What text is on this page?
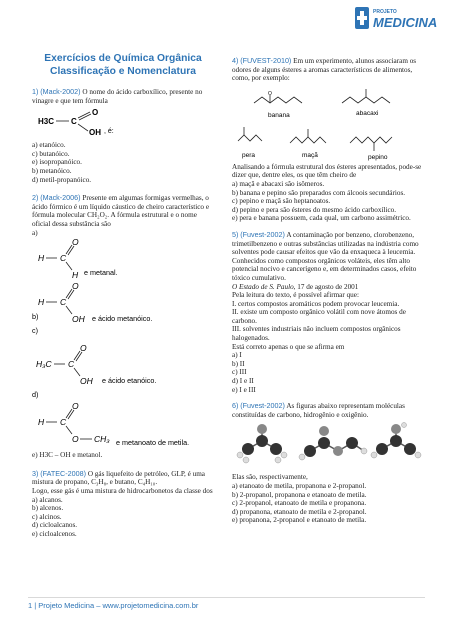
PROJETO
MEDICINA
Exercícios de Química Orgânica
Classificação e Nomenclatura

1) (Mack-2002) O nome do ácido carboxílico, presente no vinagre e que tem fórmula

H3C C
O
OH , é:

a) etanóico.

c) butanóico.

e) isopropanóico.

b) metanóico.

d) metil-propanóico.

2) (Mack-2006) Presente em algumas formigas vermelhas, o ácido fórmico é um líquido cáustico de cheiro característico e fórmula molecular CH₂O₂. A fórmula estrutural e o nome oficial dessa substância são

a)

O
H C
H e metanal.
b)
O
H C
OH e ácido metanóico.
c)
O
H₃C C
OH e ácido etanóico.
d)
O
H C
O CH₃ e metanoato de metila.

e) H3C – OH e metanol.

3) (FATEC-2008) O gás liquefeito de petróleo, GLP, é uma mistura de propano, C₃H₈, e butano, C₄H₁₀.

Logo, esse gás é uma mistura de hidrocarbonetos da classe dos

a) alcanos.

b) alcenos.

c) alcinos.

d) cicloalcanos.

e) cicloalcenos.

4) (FUVEST-2010) Em um experimento, alunos associaram os odores de alguns ésteres a aromas característicos de alimentos, como, por exemplo:

O
banana	abacaxi
pera	maçã	pepino

Analisando a fórmula estrutural dos ésteres apresentados, pode-se dizer que, dentre eles, os que têm cheiro de

a) maçã e abacaxi são isômeros.

b) banana e pepino são preparados com álcoois secundários.

c) pepino e maçã são heptanoatos.

d) pepino e pera são ésteres do mesmo ácido carboxílico.

e) pera e banana possuem, cada qual, um carbono assimétrico.

5) (Fuvest-2002) A contaminação por benzeno, clorobenzeno, trimetilbenzeno e outras substâncias utilizadas na indústria como solventes pode causar efeitos que vão da enxaqueca à leucemia. Conhecidos como compostos orgânicos voláteis, eles têm alto potencial nocivo e cancerígeno e, em determinados casos, efeito tóxico cumulativo.

O Estado de S. Paulo, 17 de agosto de 2001

Pela leitura do texto, é possível afirmar que:

I. certos compostos aromáticos podem provocar leucemia.

II. existe um composto orgânico volátil com nove átomos de carbono.

III. solventes industriais não incluem compostos orgânicos halogenados.

Está correto apenas o que se afirma em

a) I

b) II

c) III

d) I e II

e) I e III

6) (Fuvest-2002) As figuras abaixo representam moléculas constituídas de carbono, hidrogênio e oxigênio.

Elas são, respectivamente,

a) etanoato de metila, propanona e 2-propanol.

b) 2-propanol, propanona e etanoato de metila.

c) 2-propanol, etanoato de metila e propanona.

d) propanona, etanoato de metila e 2-propanol.

e) propanona, 2-propanol e etanoato de metila.

1 | Projeto Medicina – www.projetomedicina.com.br
